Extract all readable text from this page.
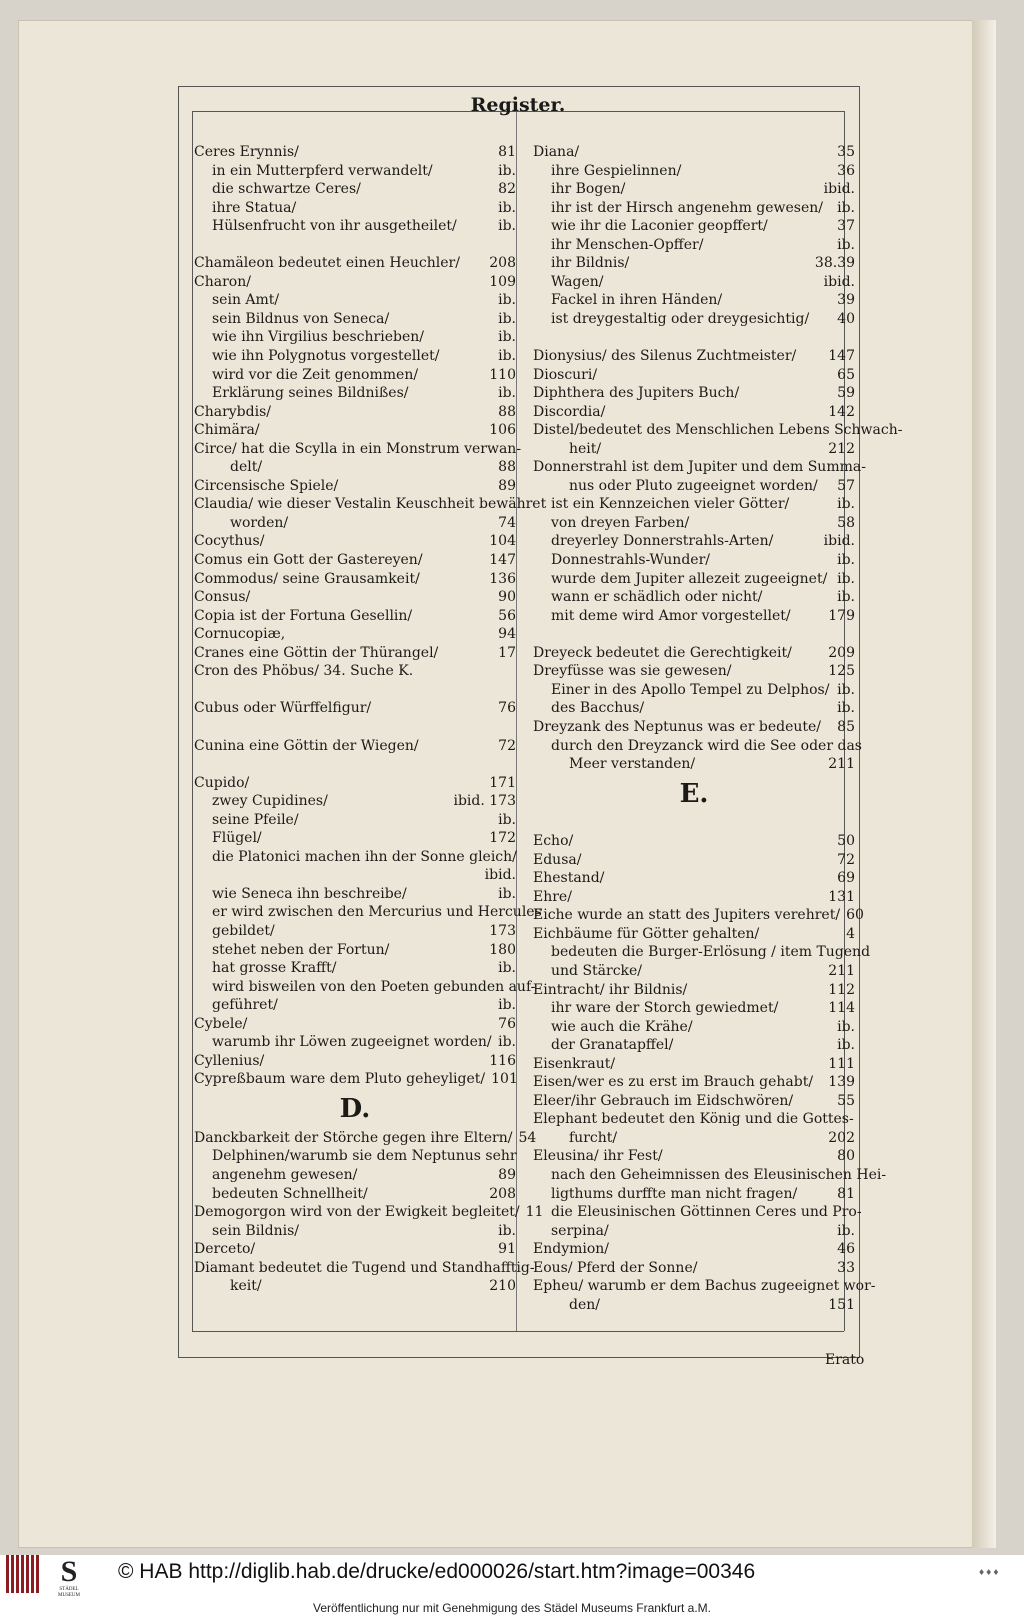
Register.
Ceres Erynnis/	81
in ein Mutterpferd verwandelt/	ib.
die schwartze Ceres/	82
ihre Statua/	ib.
Hülsenfrucht von ihr ausgetheilet/	ib.
Chamäleon bedeutet einen Heuchler/	208
Charon/	109
sein Amt/	ib.
sein Bildnus von Seneca/	ib.
wie ihn Virgilius beschrieben/	ib.
wie ihn Polygnotus vorgestellet/	ib.
wird vor die Zeit genommen/	110
Erklärung seines Bildnißes/	ib.
Charybdis/	88
Chimära/	106
Circe/ hat die Scylla in ein Monstrum verwan-
delt/	88
Circensische Spiele/	89
Claudia/ wie dieser Vestalin Keuschheit bewähret
worden/	74
Cocythus/	104
Comus ein Gott der Gastereyen/	147
Commodus/ seine Grausamkeit/	136
Consus/	90
Copia ist der Fortuna Gesellin/	56
Cornucopiæ,	94
Cranes eine Göttin der Thürangel/	17
Cron des Phöbus/ 34. Suche K.
Cubus oder Würffelfigur/	76
Cunina eine Göttin der Wiegen/	72
Cupido/	171
zwey Cupidines/	ibid. 173
seine Pfeile/	ib.
Flügel/	172
die Platonici machen ihn der Sonne gleich/
ibid.
wie Seneca ihn beschreibe/	ib.
er wird zwischen den Mercurius und Hercules
gebildet/	173
stehet neben der Fortun/	180
hat grosse Krafft/	ib.
wird bisweilen von den Poeten gebunden auf-
geführet/	ib.
Cybele/	76
warumb ihr Löwen zugeeignet worden/ ib.
Cyllenius/	116
Cypreßbaum ware dem Pluto geheyliget/ 101
D.
Danckbarkeit der Störche gegen ihre Eltern/ 54
Delphinen/warumb sie dem Neptunus sehr
angenehm gewesen/	89
bedeuten Schnellheit/	208
Demogorgon wird von der Ewigkeit begleitet/ 11
sein Bildnis/	ib.
Derceto/	91
Diamant bedeutet die Tugend und Standhafftig-
keit/	210
Diana/	35
ihre Gespielinnen/	36
ihr Bogen/	ibid.
ihr ist der Hirsch angenehm gewesen/	ib.
wie ihr die Laconier geopffert/	37
ihr Menschen-Opffer/	ib.
ihr Bildnis/	38.39
Wagen/	ibid.
Fackel in ihren Händen/	39
ist dreygestaltig oder dreygesichtig/	40
Dionysius/ des Silenus Zuchtmeister/	147
Dioscuri/	65
Diphthera des Jupiters Buch/	59
Discordia/	142
Distel/bedeutet des Menschlichen Lebens Schwach-
heit/	212
Donnerstrahl ist dem Jupiter und dem Summa-
nus oder Pluto zugeeignet worden/	57
ist ein Kennzeichen vieler Götter/	ib.
von dreyen Farben/	58
dreyerley Donnerstrahls-Arten/	ibid.
Donnestrahls-Wunder/	ib.
wurde dem Jupiter allezeit zugeeignet/ ib.
wann er schädlich oder nicht/	ib.
mit deme wird Amor vorgestellet/	179
Dreyeck bedeutet die Gerechtigkeit/	209
Dreyfüsse was sie gewesen/	125
Einer in des Apollo Tempel zu Delphos/ ib.
des Bacchus/	ib.
Dreyzank des Neptunus was er bedeute/	85
durch den Dreyzanck wird die See oder das
Meer verstanden/	211
E.
Echo/	50
Edusa/	72
Ehestand/	69
Ehre/	131
Eiche wurde an statt des Jupiters verehret/ 60
Eichbäume für Götter gehalten/	4
bedeuten die Burger-Erlösung / item Tugend
und Stärcke/	211
Eintracht/ ihr Bildnis/	112
ihr ware der Storch gewiedmet/	114
wie auch die Krähe/	ib.
der Granatapffel/	ib.
Eisenkraut/	111
Eisen/wer es zu erst im Brauch gehabt/	139
Eleer/ihr Gebrauch im Eidschwören/	55
Elephant bedeutet den König und die Gottes-
furcht/	202
Eleusina/ ihr Fest/	80
nach den Geheimnissen des Eleusinischen Hei-
ligthums durffte man nicht fragen/	81
die Eleusinischen Göttinnen Ceres und Pro-
serpina/	ib.
Endymion/	46
Eous/ Pferd der Sonne/	33
Epheu/ warumb er dem Bachus zugeeignet wor-
den/	151
Erato
S
STÄDEL MUSEUM
© HAB http://diglib.hab.de/drucke/ed000026/start.htm?image=00346	♦♦♦
Veröffentlichung nur mit Genehmigung des Städel Museums Frankfurt a.M.
